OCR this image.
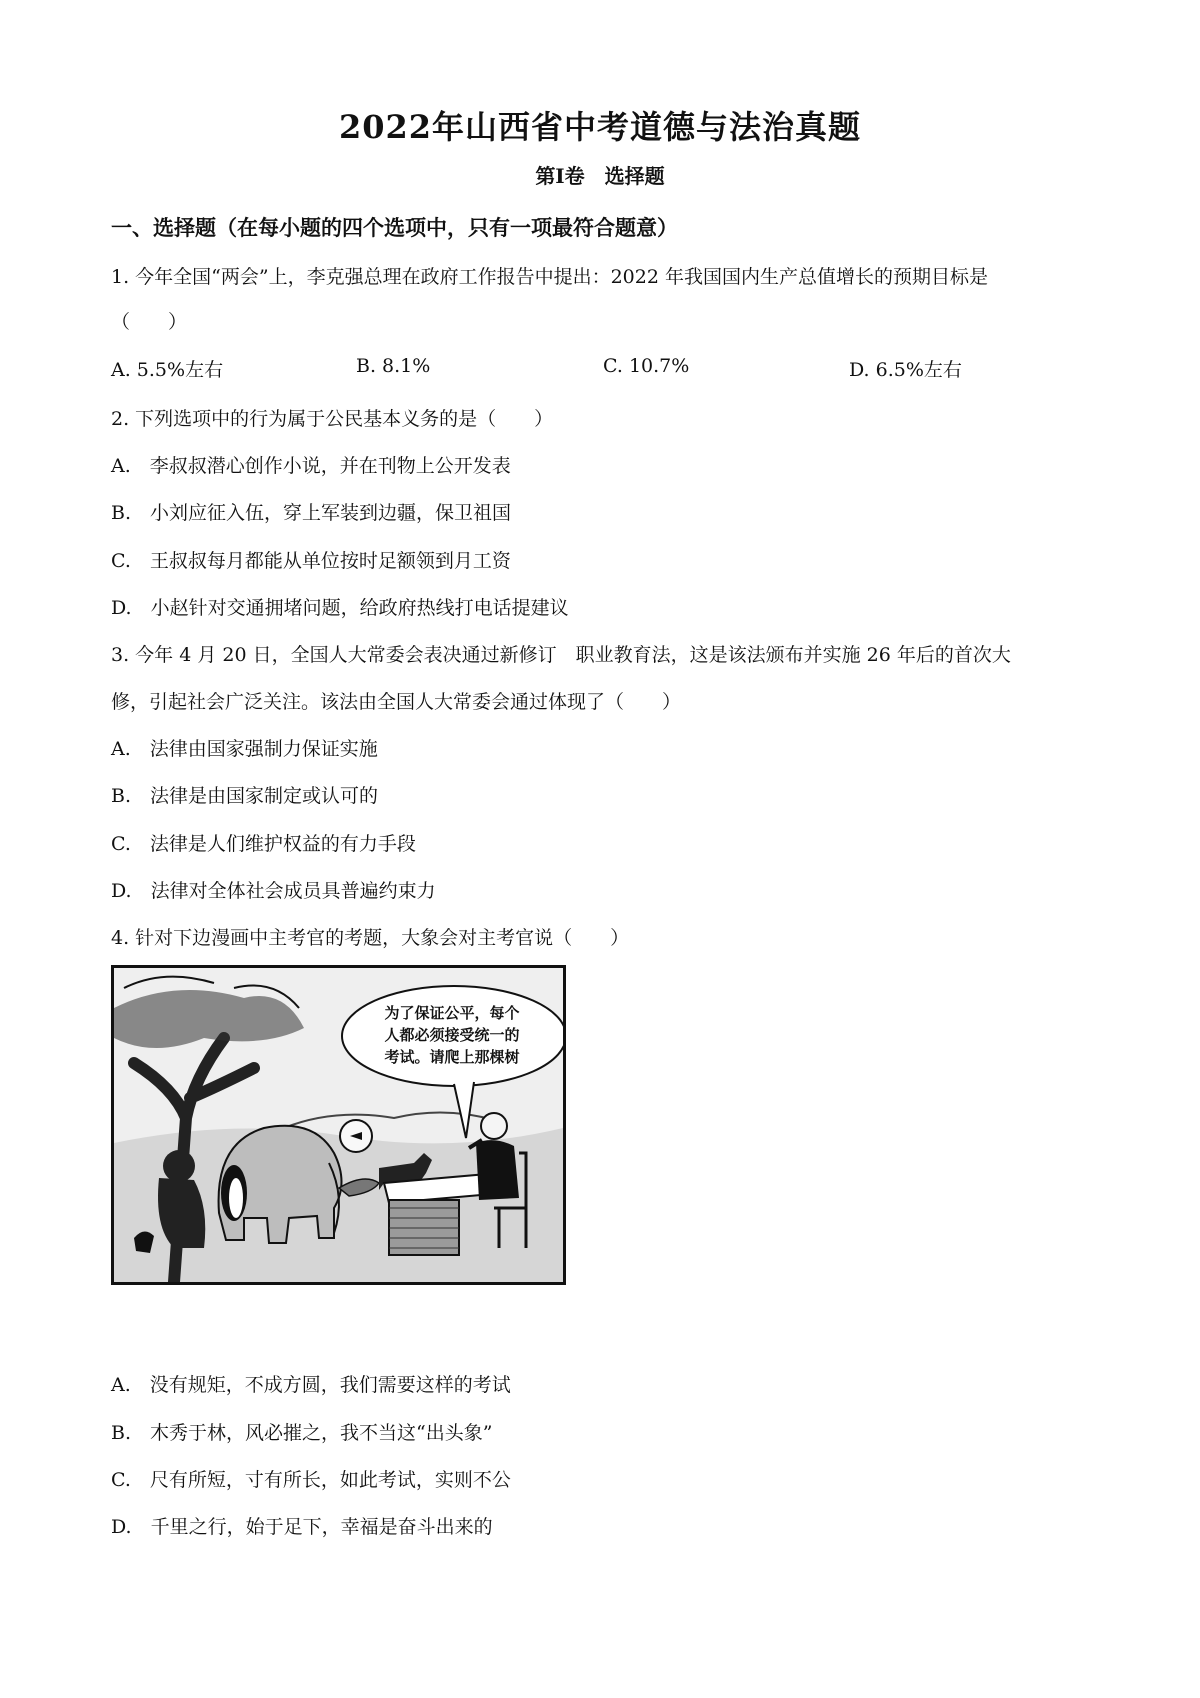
2022年山西省中考道德与法治真题
第Ⅰ卷　选择题
一、选择题（在每小题的四个选项中，只有一项最符合题意）
1. 今年全国“两会”上，李克强总理在政府工作报告中提出：2022 年我国国内生产总值增长的预期目标是
（　　）
A. 5.5%左右	B. 8.1%	C. 10.7%	D. 6.5%左右
2. 下列选项中的行为属于公民基本义务的是（　　）
A.　李叔叔潜心创作小说，并在刊物上公开发表
B.　小刘应征入伍，穿上军装到边疆，保卫祖国
C.　王叔叔每月都能从单位按时足额领到月工资
D.　小赵针对交通拥堵问题，给政府热线打电话提建议
3. 今年 4 月 20 日，全国人大常委会表决通过新修订　职业教育法，这是该法颁布并实施 26 年后的首次大
修，引起社会广泛关注。该法由全国人大常委会通过体现了（　　）
A.　法律由国家强制力保证实施
B.　法律是由国家制定或认可的
C.　法律是人们维护权益的有力手段
D.　法律对全体社会成员具普遍约束力
4. 针对下边漫画中主考官的考题，大象会对主考官说（　　）
为了保证公平，每个
人都必须接受统一的
考试。请爬上那棵树
A.　没有规矩，不成方圆，我们需要这样的考试
B.　木秀于林，风必摧之，我不当这“出头象”
C.　尺有所短，寸有所长，如此考试，实则不公
D.　千里之行，始于足下，幸福是奋斗出来的
